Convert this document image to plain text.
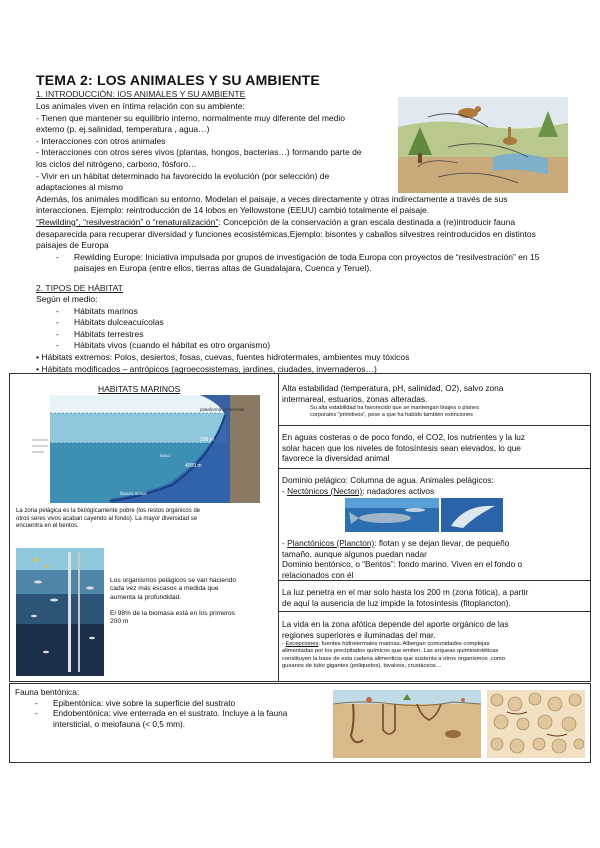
TEMA 2: LOS ANIMALES Y SU AMBIENTE
1. INTRODUCCIÓN: IOS ANIMALES Y SU AMBIENTE
Los animales viven en íntima relación con su ambiente:
- Tienen que mantener su equilibrio interno, normalmente muy diferente del medio
externo (p. ej.salinidad, temperatura , agua…)
- Interacciones con otros animales
- Interacciones con otros seres vivos (plantas, hongos, bacterias…) formando parte de
los ciclos del nitrógeno, carbono, fósforo…
- Vivir en un hábitat determinado ha favorecido la evolución (por selección) de
adaptaciones al mismo
Además, los animales modifican su entorno. Modelan el paisaje, a veces directamente y otras indirectamente a través de sus
interacciones. Ejemplo: reintroducción de 14 lobos en Yellowstone (EEUU) cambió totalmente el paisaje.
“Rewilding”, “resilvestración” o “renaturalización”: Concepción de la conservación a gran escala destinada a (re)introducir fauna
desaparecida para recuperar diversidad y funciones ecosistémicas.Ejemplo: bisontes y caballos silvestres reintroducidos en distintos
paisajes de Europa
- Rewilding Europe: Iniciativa impulsada por grupos de investigación de toda Europa con proyectos de “resilvestración” en 15
paisajes en Europa (entre ellos, tierras altas de Guadalajara, Cuenca y Teruel).
2. TIPOS DE HÁBITAT
Según el medio:
- Hábitats marinos
- Hábitats dulceacuícolas
- Hábitats terrestres
- Hábitats vivos (cuando el hábitat es otro organismo)
• Hábitats extremos: Polos, desiertos, fosas, cuevas, fuentes hidrotermales, ambientes muy tóxicos
• Hábitats modificados – antrópicos (agroecosistemas, jardines, ciudades, invernaderos…)
HABITATS MARINOS
200 m
4000 m
plataforma continental
talud
llanura abisal
La zona pelágica es la biológicamente pobre (los restos orgánicos de
otros seres vivos acaban cayendo al fondo). La mayor diversidad se
encuentra en el bentos.
Los organismos pelágicos se van haciendo
cada vez más escasos a medida que
aumenta la profundidad.
El 98% de la biomasa está en los primeros
200 m
Alta estabilidad (temperatura, pH, salinidad, O2), salvo zona
intermareal, estuarios, zonas alteradas.
Su alta estabilidad ha favorecido que se mantengan linajes o planes
corporales “primitivos”, pese a que ha habido también extinciones
En aguas costeras o de poco fondo, el CO2, los nutrientes y la luz
solar hacen que los niveles de fotosíntesis sean elevados, lo que
favorece la diversidad animal
Dominio pelágico: Columna de agua. Animales pelágicos:
- Nectónicos (Necton): nadadores activos
- Planctónicos (Plancton): flotan y se dejan llevar, de pequeño
tamaño, aunque algunos puedan nadar
Dominio bentónico, o “Bentos”: fondo marino. Viven en el fondo o
relacionados con él
La luz penetra en el mar solo hasta los 200 m (zona fótica), a partir
de aquí la ausencia de luz impide la fotosíntesis (fitoplancton).
La vida en la zona afótica depende del aporte orgánico de las
regiones superiores e iluminadas del mar.
- Excepciones: fuentes hidrotermales marinas. Albergan comunidades complejas
alimentadas por los precipitados químicos que emiten. Las arqueas quimiosintéticas
constituyen la base de esta cadena alimenticia que sustenta a otros organismos ,como
gusanos de tubo gigantes (poliquetos), bivalvos, crustáceos…
Fauna bentónica:
- Epibentónica: vive sobre la superficie del sustrato
- Endobentónica: vive enterrada en el sustrato. Incluye a la fauna
intersticial, o meiofauna (< 0,5 mm).
